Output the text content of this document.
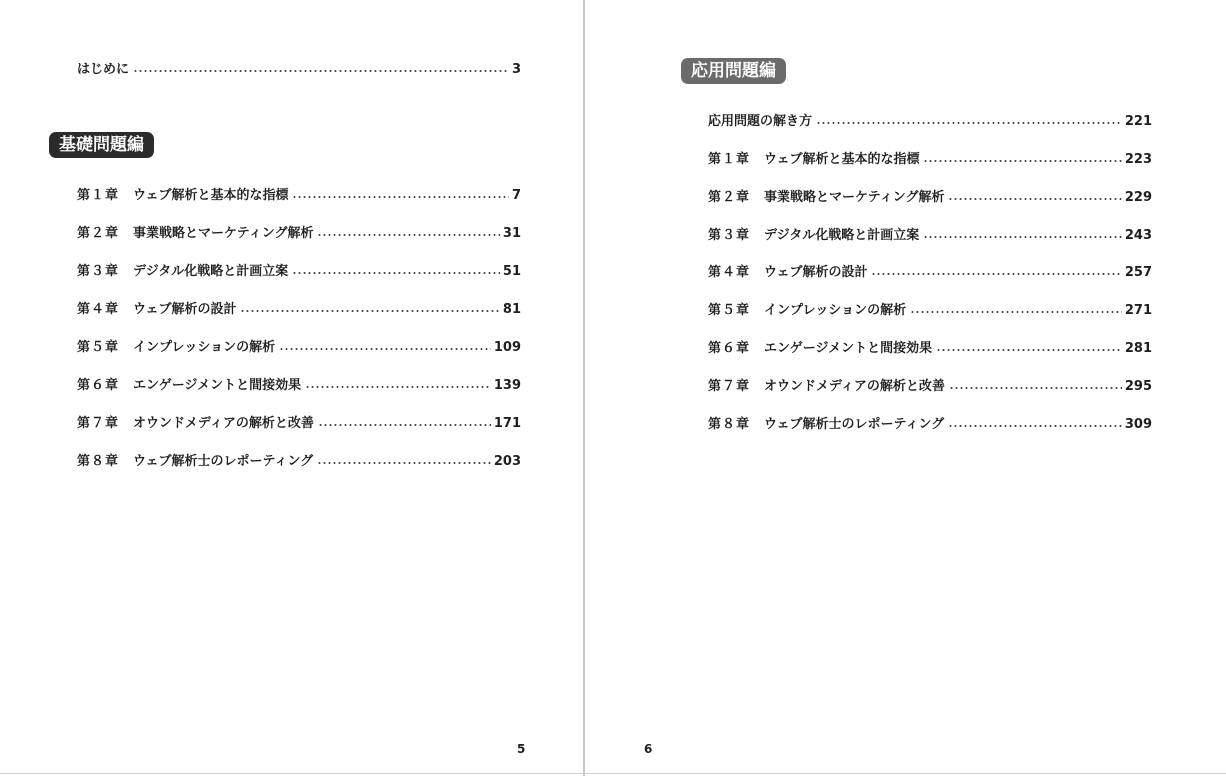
はじめに	3
基礎問題編
第１章	ウェブ解析と基本的な指標	7
第２章	事業戦略とマーケティング解析	31
第３章	デジタル化戦略と計画立案	51
第４章	ウェブ解析の設計	81
第５章	インプレッションの解析	109
第６章	エンゲージメントと間接効果	139
第７章	オウンドメディアの解析と改善	171
第８章	ウェブ解析士のレポーティング	203
5
応用問題編
応用問題の解き方	221
第１章	ウェブ解析と基本的な指標	223
第２章	事業戦略とマーケティング解析	229
第３章	デジタル化戦略と計画立案	243
第４章	ウェブ解析の設計	257
第５章	インプレッションの解析	271
第６章	エンゲージメントと間接効果	281
第７章	オウンドメディアの解析と改善	295
第８章	ウェブ解析士のレポーティング	309
6
